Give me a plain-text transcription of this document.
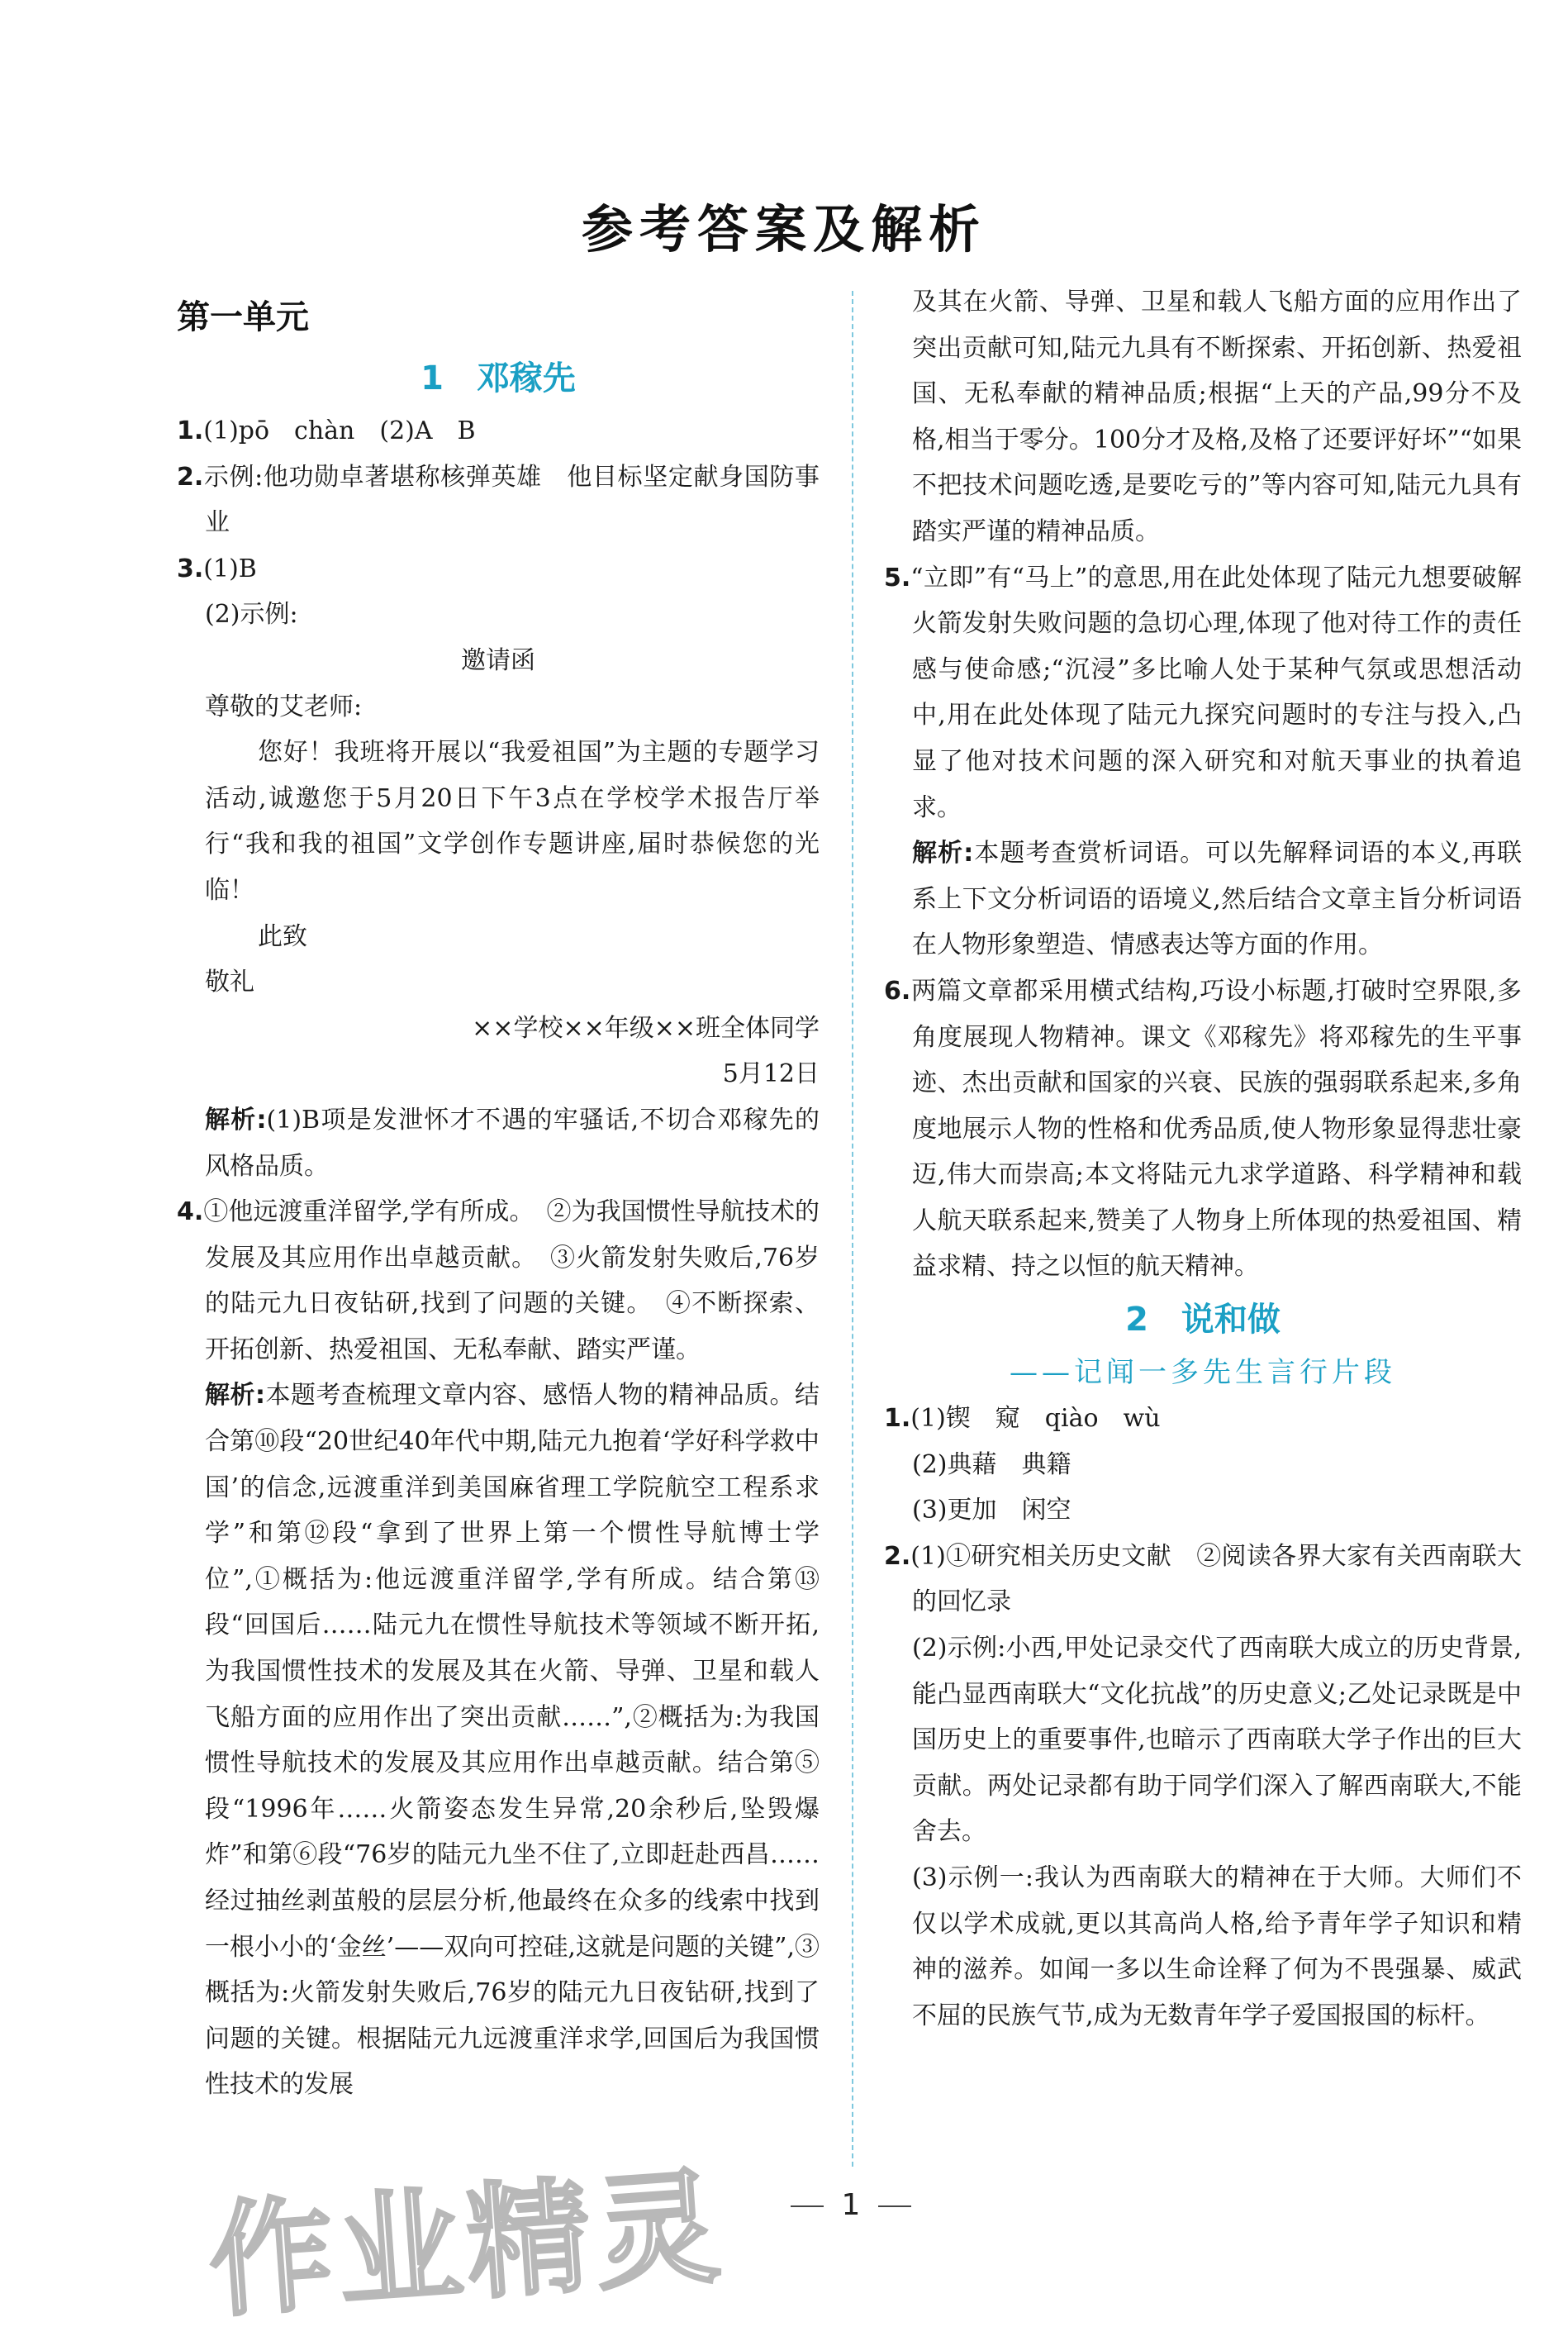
参考答案及解析
第一单元
1　邓稼先

1.(1)pō　chàn　(2)A　B

2.示例:他功勋卓著堪称核弹英雄　他目标坚定献身国防事业

3.(1)B

(2)示例:

邀请函

尊敬的艾老师:

您好！我班将开展以“我爱祖国”为主题的专题学习活动,诚邀您于5月20日下午3点在学校学术报告厅举行“我和我的祖国”文学创作专题讲座,届时恭候您的光临！

此致

敬礼

××学校××年级××班全体同学

5月12日

解析:(1)B项是发泄怀才不遇的牢骚话,不切合邓稼先的风格品质。

4.①他远渡重洋留学,学有所成。　②为我国惯性导航技术的发展及其应用作出卓越贡献。　③火箭发射失败后,76岁的陆元九日夜钻研,找到了问题的关键。　④不断探索、开拓创新、热爱祖国、无私奉献、踏实严谨。

解析:本题考查梳理文章内容、感悟人物的精神品质。结合第⑩段“20世纪40年代中期,陆元九抱着‘学好科学救中国’的信念,远渡重洋到美国麻省理工学院航空工程系求学”和第⑫段“拿到了世界上第一个惯性导航博士学位”,①概括为:他远渡重洋留学,学有所成。结合第⑬段“回国后……陆元九在惯性导航技术等领域不断开拓,为我国惯性技术的发展及其在火箭、导弹、卫星和载人飞船方面的应用作出了突出贡献……”,②概括为:为我国惯性导航技术的发展及其应用作出卓越贡献。结合第⑤段“1996年……火箭姿态发生异常,20余秒后,坠毁爆炸”和第⑥段“76岁的陆元九坐不住了,立即赶赴西昌……经过抽丝剥茧般的层层分析,他最终在众多的线索中找到一根小小的‘金丝’——双向可控硅,这就是问题的关键”,③概括为:火箭发射失败后,76岁的陆元九日夜钻研,找到了问题的关键。根据陆元九远渡重洋求学,回国后为我国惯性技术的发展

及其在火箭、导弹、卫星和载人飞船方面的应用作出了突出贡献可知,陆元九具有不断探索、开拓创新、热爱祖国、无私奉献的精神品质;根据“上天的产品,99分不及格,相当于零分。100分才及格,及格了还要评好坏”“如果不把技术问题吃透,是要吃亏的”等内容可知,陆元九具有踏实严谨的精神品质。

5.“立即”有“马上”的意思,用在此处体现了陆元九想要破解火箭发射失败问题的急切心理,体现了他对待工作的责任感与使命感;“沉浸”多比喻人处于某种气氛或思想活动中,用在此处体现了陆元九探究问题时的专注与投入,凸显了他对技术问题的深入研究和对航天事业的执着追求。

解析:本题考查赏析词语。可以先解释词语的本义,再联系上下文分析词语的语境义,然后结合文章主旨分析词语在人物形象塑造、情感表达等方面的作用。

6.两篇文章都采用横式结构,巧设小标题,打破时空界限,多角度展现人物精神。课文《邓稼先》将邓稼先的生平事迹、杰出贡献和国家的兴衰、民族的强弱联系起来,多角度地展示人物的性格和优秀品质,使人物形象显得悲壮豪迈,伟大而崇高;本文将陆元九求学道路、科学精神和载人航天联系起来,赞美了人物身上所体现的热爱祖国、精益求精、持之以恒的航天精神。

2　说和做
——记闻一多先生言行片段

1.(1)锲　窥　qiào　wù

(2)典藉　典籍

(3)更加　闲空

2.(1)①研究相关历史文献　②阅读各界大家有关西南联大的回忆录

(2)示例:小西,甲处记录交代了西南联大成立的历史背景,能凸显西南联大“文化抗战”的历史意义;乙处记录既是中国历史上的重要事件,也暗示了西南联大学子作出的巨大贡献。两处记录都有助于同学们深入了解西南联大,不能舍去。

(3)示例一:我认为西南联大的精神在于大师。大师们不仅以学术成就,更以其高尚人格,给予青年学子知识和精神的滋养。如闻一多以生命诠释了何为不畏强暴、威武不屈的民族气节,成为无数青年学子爱国报国的标杆。

1
作业精灵
